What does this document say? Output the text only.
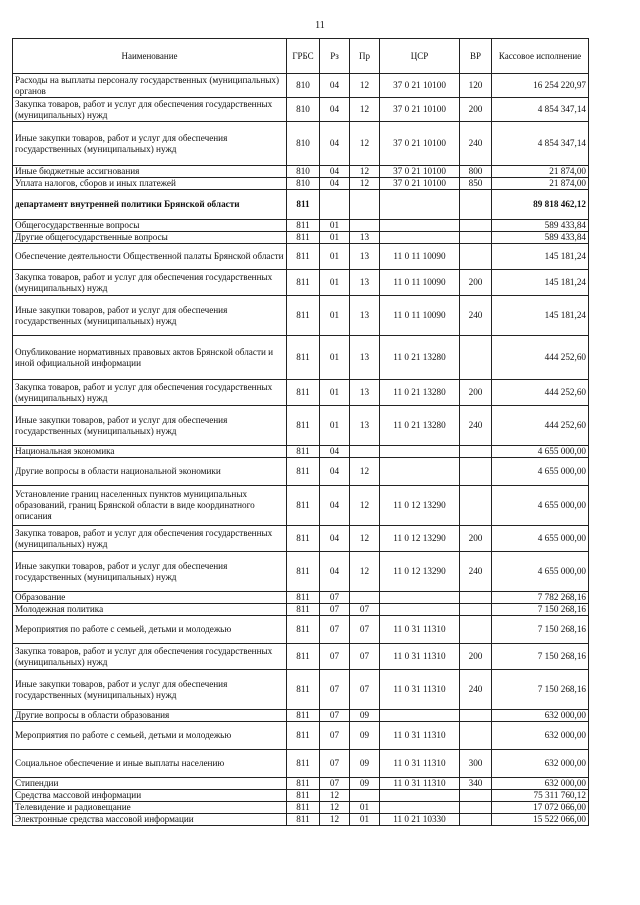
11
Наименование	ГРБС	Рз	Пр	ЦСР	ВР	Кассовое исполнение
Расходы на выплаты персоналу государственных (муниципальных) органов	810	04	12	37 0 21 10100	120	16 254 220,97
Закупка товаров, работ и услуг для обеспечения государственных (муниципальных) нужд	810	04	12	37 0 21 10100	200	4 854 347,14
Иные закупки товаров, работ и услуг для обеспечения государственных (муниципальных) нужд	810	04	12	37 0 21 10100	240	4 854 347,14
Иные бюджетные ассигнования	810	04	12	37 0 21 10100	800	21 874,00
Уплата налогов, сборов и иных платежей	810	04	12	37 0 21 10100	850	21 874,00
департамент внутренней политики Брянской области	811					89 818 462,12
Общегосударственные вопросы	811	01				589 433,84
Другие общегосударственные вопросы	811	01	13			589 433,84
Обеспечение деятельности Общественной палаты Брянской области	811	01	13	11 0 11 10090		145 181,24
Закупка товаров, работ и услуг для обеспечения государственных (муниципальных) нужд	811	01	13	11 0 11 10090	200	145 181,24
Иные закупки товаров, работ и услуг для обеспечения государственных (муниципальных) нужд	811	01	13	11 0 11 10090	240	145 181,24
Опубликование нормативных правовых актов Брянской области и иной официальной информации	811	01	13	11 0 21 13280		444 252,60
Закупка товаров, работ и услуг для обеспечения государственных (муниципальных) нужд	811	01	13	11 0 21 13280	200	444 252,60
Иные закупки товаров, работ и услуг для обеспечения государственных (муниципальных) нужд	811	01	13	11 0 21 13280	240	444 252,60
Национальная экономика	811	04				4 655 000,00
Другие вопросы в области национальной экономики	811	04	12			4 655 000,00
Установление границ населенных пунктов муниципальных образований, границ Брянской области в виде координатного описания	811	04	12	11 0 12 13290		4 655 000,00
Закупка товаров, работ и услуг для обеспечения государственных (муниципальных) нужд	811	04	12	11 0 12 13290	200	4 655 000,00
Иные закупки товаров, работ и услуг для обеспечения государственных (муниципальных) нужд	811	04	12	11 0 12 13290	240	4 655 000,00
Образование	811	07				7 782 268,16
Молодежная политика	811	07	07			7 150 268,16
Мероприятия по работе с семьей, детьми и молодежью	811	07	07	11 0 31 11310		7 150 268,16
Закупка товаров, работ и услуг для обеспечения государственных (муниципальных) нужд	811	07	07	11 0 31 11310	200	7 150 268,16
Иные закупки товаров, работ и услуг для обеспечения государственных (муниципальных) нужд	811	07	07	11 0 31 11310	240	7 150 268,16
Другие вопросы в области образования	811	07	09			632 000,00
Мероприятия по работе с семьей, детьми и молодежью	811	07	09	11 0 31 11310		632 000,00
Социальное обеспечение и иные выплаты населению	811	07	09	11 0 31 11310	300	632 000,00
Стипендии	811	07	09	11 0 31 11310	340	632 000,00
Средства массовой информации	811	12				75 311 760,12
Телевидение и радиовещание	811	12	01			17 072 066,00
Электронные средства массовой информации	811	12	01	11 0 21 10330		15 522 066,00
